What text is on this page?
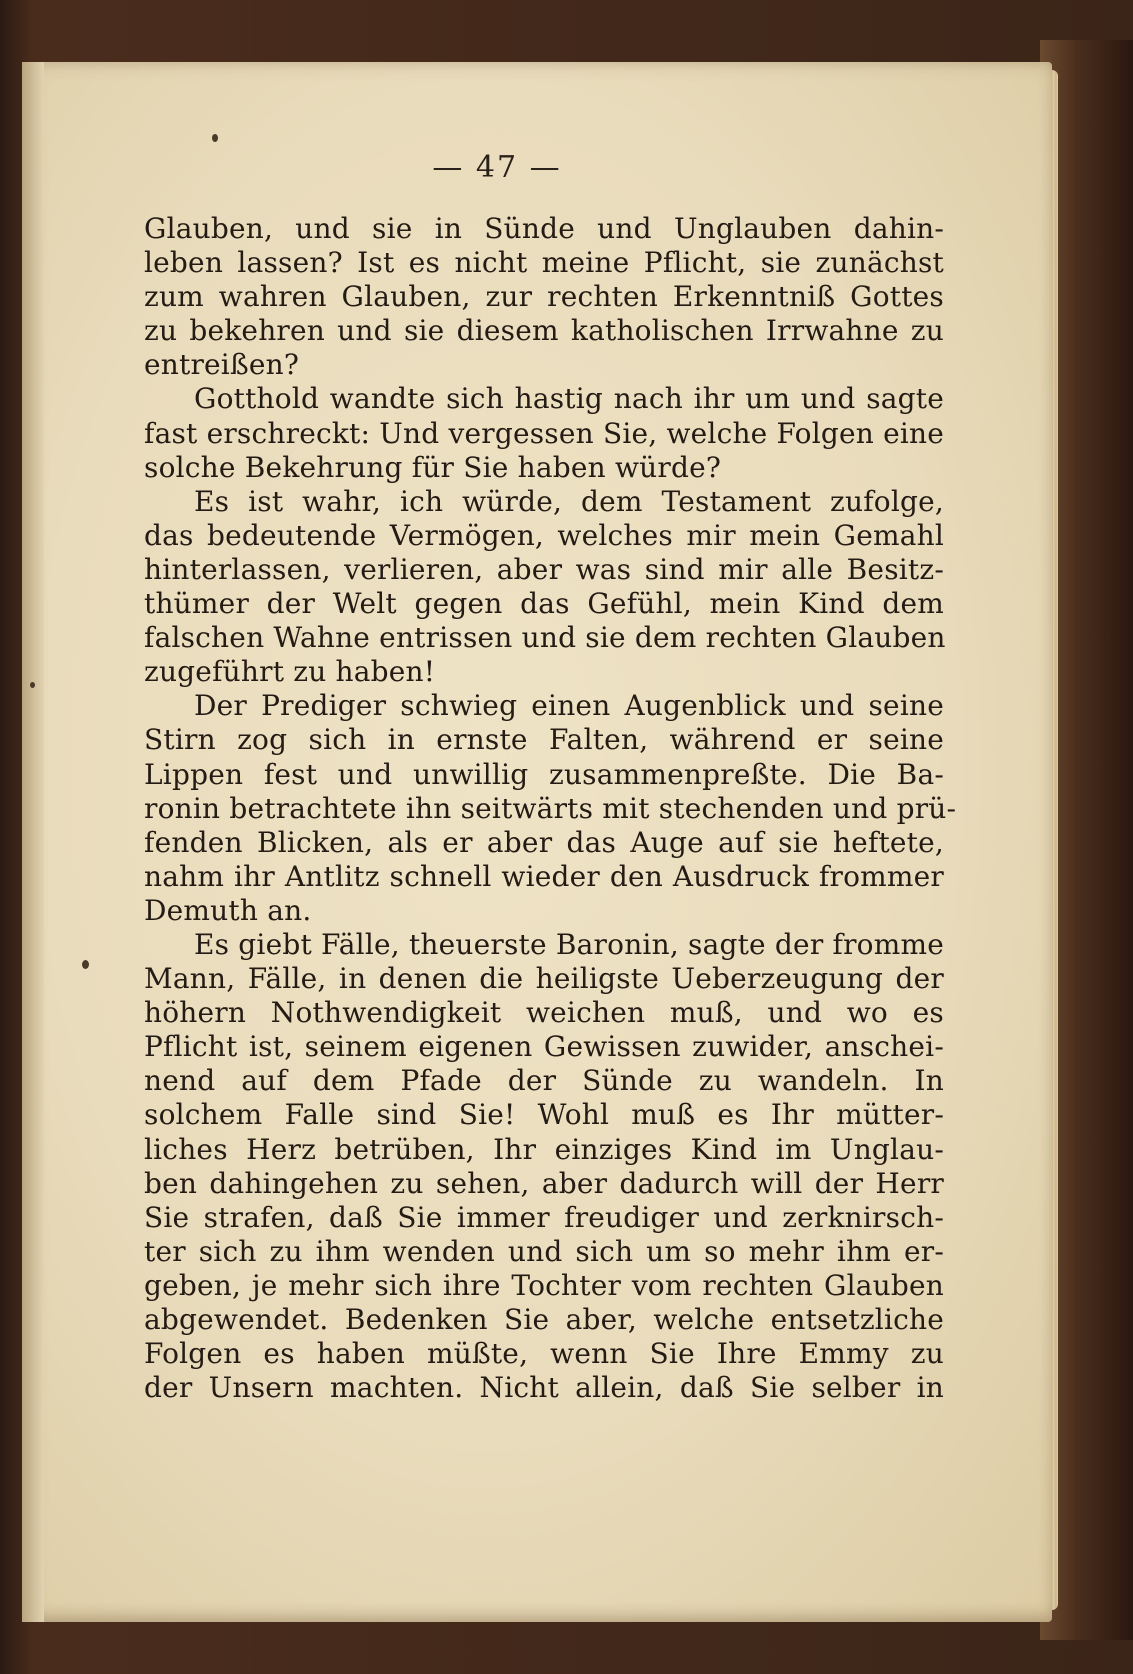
— 47 —
Glauben, und sie in Sünde und Unglauben dahin-
leben lassen? Ist es nicht meine Pflicht, sie zunächst
zum wahren Glauben, zur rechten Erkenntniß Gottes
zu bekehren und sie diesem katholischen Irrwahne zu
entreißen?
Gotthold wandte sich hastig nach ihr um und sagte
fast erschreckt: Und vergessen Sie, welche Folgen eine
solche Bekehrung für Sie haben würde?
Es ist wahr, ich würde, dem Testament zufolge,
das bedeutende Vermögen, welches mir mein Gemahl
hinterlassen, verlieren, aber was sind mir alle Besitz-
thümer der Welt gegen das Gefühl, mein Kind dem
falschen Wahne entrissen und sie dem rechten Glauben
zugeführt zu haben!
Der Prediger schwieg einen Augenblick und seine
Stirn zog sich in ernste Falten, während er seine
Lippen fest und unwillig zusammenpreßte. Die Ba-
ronin betrachtete ihn seitwärts mit stechenden und prü-
fenden Blicken, als er aber das Auge auf sie heftete,
nahm ihr Antlitz schnell wieder den Ausdruck frommer
Demuth an.
Es giebt Fälle, theuerste Baronin, sagte der fromme
Mann, Fälle, in denen die heiligste Ueberzeugung der
höhern Nothwendigkeit weichen muß, und wo es
Pflicht ist, seinem eigenen Gewissen zuwider, anschei-
nend auf dem Pfade der Sünde zu wandeln. In
solchem Falle sind Sie! Wohl muß es Ihr mütter-
liches Herz betrüben, Ihr einziges Kind im Unglau-
ben dahingehen zu sehen, aber dadurch will der Herr
Sie strafen, daß Sie immer freudiger und zerknirsch-
ter sich zu ihm wenden und sich um so mehr ihm er-
geben, je mehr sich ihre Tochter vom rechten Glauben
abgewendet. Bedenken Sie aber, welche entsetzliche
Folgen es haben müßte, wenn Sie Ihre Emmy zu
der Unsern machten. Nicht allein, daß Sie selber in
